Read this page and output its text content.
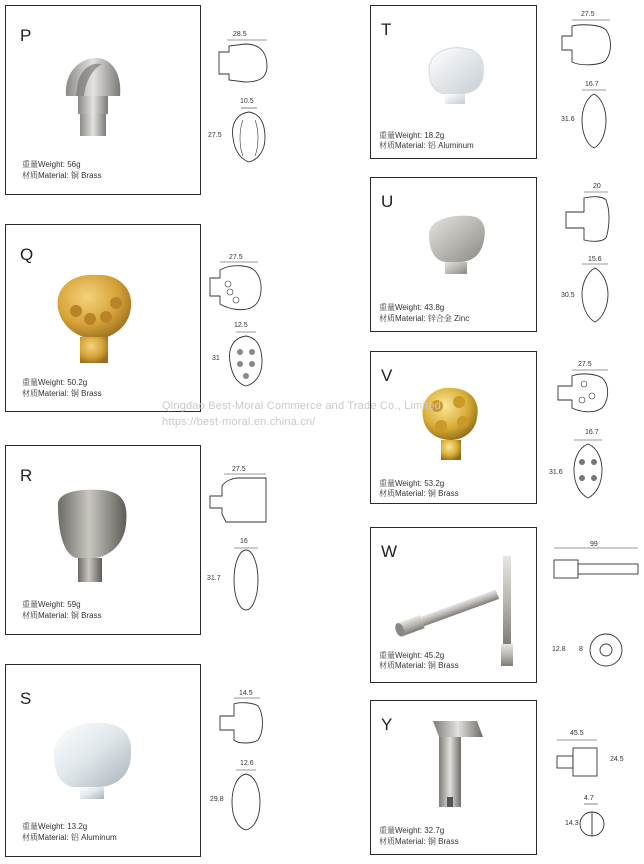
P
重量Weight: 56g
材质Material: 铜 Brass
28.5
10.5
27.5
Q
重量Weight: 50.2g
材质Material: 铜 Brass
27.5
12.5
31
R
重量Weight: 59g
材质Material: 铜 Brass
27.5
16
31.7
S
重量Weight: 13.2g
材质Material: 铝 Aluminum
14.5
12.6
29.8
T
重量Weight: 18.2g
材质Material: 铝 Aluminum
27.5
16.7
31.6
U
重量Weight: 43.8g
材质Material: 锌合金 Zinc
20
15.6
30.5
V
重量Weight: 53.2g
材质Material: 铜 Brass
27.5
16.7
31.6
W
重量Weight: 45.2g
材质Material: 铜 Brass
99
12.8 8
Y
重量Weight: 32.7g
材质Material: 铜 Brass
45.5
24.5
4.7
14.3
Qingdao Best-Moral Commerce and Trade Co., Limited
https://best-moral.en.china.cn/
